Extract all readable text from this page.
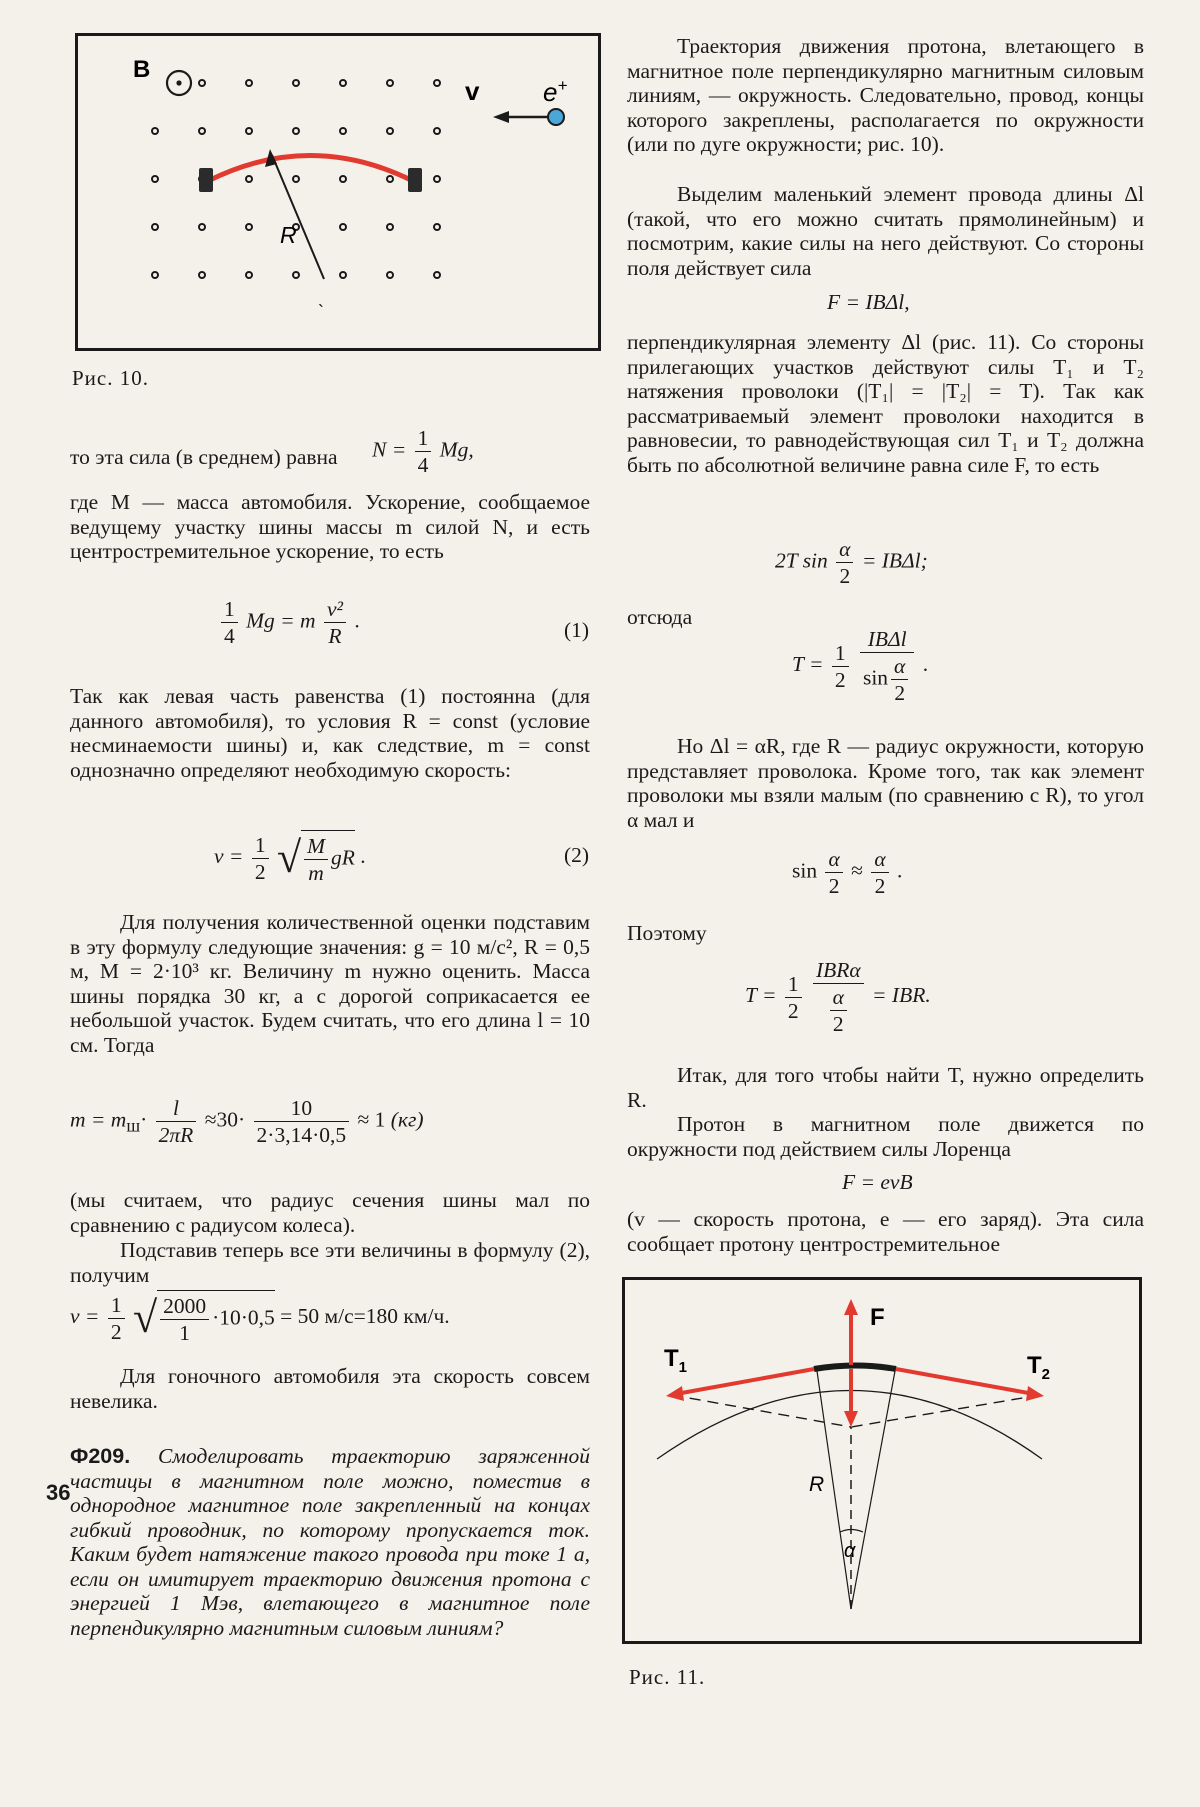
B
R
v e+
`
Рис. 10.
то эта сила (в среднем) равна $N = \frac{1}{4} Mg$,
где M — масса автомобиля. Ускорение, сообщаемое ведущему участку шины массы m силой N, и есть центростремительное ускорение, то есть
$\frac{1}{4}$ Mg = m $\frac{\text{v²}}{R}$ .	(1)
Так как левая часть равенства (1) постоянна (для данного автомобиля), то условия R = const (условие несминаемости шины) и, как следствие, m = const однозначно определяют необходимую скорость:
$v = \frac{1}{2}$ √ $\frac{M}{m}$ gR .	(2)
Для получения количественной оценки подставим в эту формулу следующие значения: g = 10 м/с², R = 0,5 м, M = 2·10³ кг. Величину m нужно оценить. Масса шины порядка 30 кг, а с дорогой соприкасается ее небольшой участок. Будем считать, что его длина l = 10 см. Тогда
$m = m_ш\cdot \frac{l}{2\pi R} \approx 30\cdot \frac{10}{2\cdot 3,14\cdot 0,5} \approx 1$ (кг)
(мы считаем, что радиус сечения шины мал по сравнению с радиусом колеса).
Подставив теперь все эти величины в формулу (2), получим
$v = \frac{1}{2}$ √ $\frac{2000}{1} \cdot 10\cdot 0,5 = 50$ м/с=180 км/ч.
Для гоночного автомобиля эта скорость совсем невелика.
Ф209. Смоделировать траекторию заряженной частицы в магнитном поле можно, поместив в однородное магнитное поле закрепленный на концах гибкий проводник, по которому пропускается ток. Каким будет натяжение такого провода при токе 1 а, если он имитирует траекторию движения протона с энергией 1 Мэв, влетающего в магнитное поле перпендикулярно магнитным силовым линиям?
36
Траектория движения протона, влетающего в магнитное поле перпендикулярно магнитным силовым линиям, — окружность. Следовательно, провод, концы которого закреплены, располагается по окружности (или по дуге окружности; рис. 10).
Выделим маленький элемент провода длины Δl (такой, что его можно считать прямолинейным) и посмотрим, какие силы на него действуют. Со стороны поля действует сила
F = IBΔl,
перпендикулярная элементу Δl (рис. 11). Со стороны прилегающих участков действуют силы T₁ и T₂ натяжения проволоки (|T₁| = |T₂| = T). Так как рассматриваемый элемент проволоки находится в равновесии, то равнодействующая сил T₁ и T₂ должна быть по абсолютной величине равна силе F, то есть
2T $\sin \frac{\alpha}{2} = IB\Delta l$;
отсюда
$T = \frac{1}{2}$
$\frac{\text{IBΔl}}{\sin \frac{\alpha}{2}}$ .
Но Δl = αR, где R — радиус окружности, которую представляет проволока. Кроме того, так как элемент проволоки мы взяли малым (по сравнению с R), то угол α мал и
$\sin \frac{\alpha}{2} \approx \frac{\alpha}{2}$ .
Поэтому
$T = \frac{1}{2}$
$\frac{\text{IBRα}}{\frac{\alpha}{2}}$ = IBR.
Итак, для того чтобы найти T, нужно определить R.
Протон в магнитном поле движется по окружности под действием силы Лоренца
F = evB
(v — скорость протона, e — его заряд). Эта сила сообщает протону центростремительное
F
$T_1$	$T_2$
R
α
Рис. 11.
